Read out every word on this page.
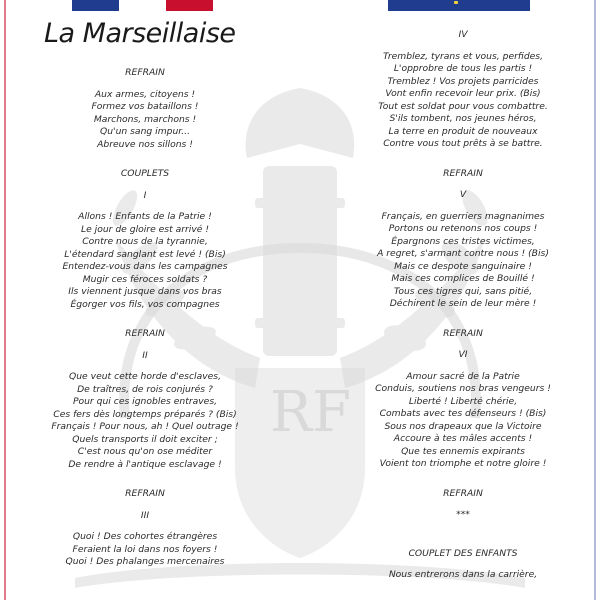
RF
La Marseillaise
REFRAIN
Aux armes, citoyens !
Formez vos bataillons !
Marchons, marchons !
Qu'un sang impur...
Abreuve nos sillons !
COUPLETS
I
Allons ! Enfants de la Patrie !
Le jour de gloire est arrivé !
Contre nous de la tyrannie,
L'étendard sanglant est levé ! (Bis)
Entendez-vous dans les campagnes
Mugir ces féroces soldats ?
Ils viennent jusque dans vos bras
Égorger vos fils, vos compagnes
REFRAIN
II
Que veut cette horde d'esclaves,
De traîtres, de rois conjurés ?
Pour qui ces ignobles entraves,
Ces fers dès longtemps préparés ? (Bis)
Français ! Pour nous, ah ! Quel outrage !
Quels transports il doit exciter ;
C'est nous qu'on ose méditer
De rendre à l'antique esclavage !
REFRAIN
III
Quoi ! Des cohortes étrangères
Feraient la loi dans nos foyers !
Quoi ! Des phalanges mercenaires
IV
Tremblez, tyrans et vous, perfides,
L'opprobre de tous les partis !
Tremblez ! Vos projets parricides
Vont enfin recevoir leur prix. (Bis)
Tout est soldat pour vous combattre.
S'ils tombent, nos jeunes héros,
La terre en produit de nouveaux
Contre vous tout prêts à se battre.
REFRAIN
V
Français, en guerriers magnanimes
Portons ou retenons nos coups !
Épargnons ces tristes victimes,
A regret, s'armant contre nous ! (Bis)
Mais ce despote sanguinaire !
Mais ces complices de Bouillé !
Tous ces tigres qui, sans pitié,
Déchirent le sein de leur mère !
REFRAIN
VI
Amour sacré de la Patrie
Conduis, soutiens nos bras vengeurs !
Liberté ! Liberté chérie,
Combats avec tes défenseurs ! (Bis)
Sous nos drapeaux que la Victoire
Accoure à tes mâles accents !
Que tes ennemis expirants
Voient ton triomphe et notre gloire !
REFRAIN
***
COUPLET DES ENFANTS
Nous entrerons dans la carrière,
